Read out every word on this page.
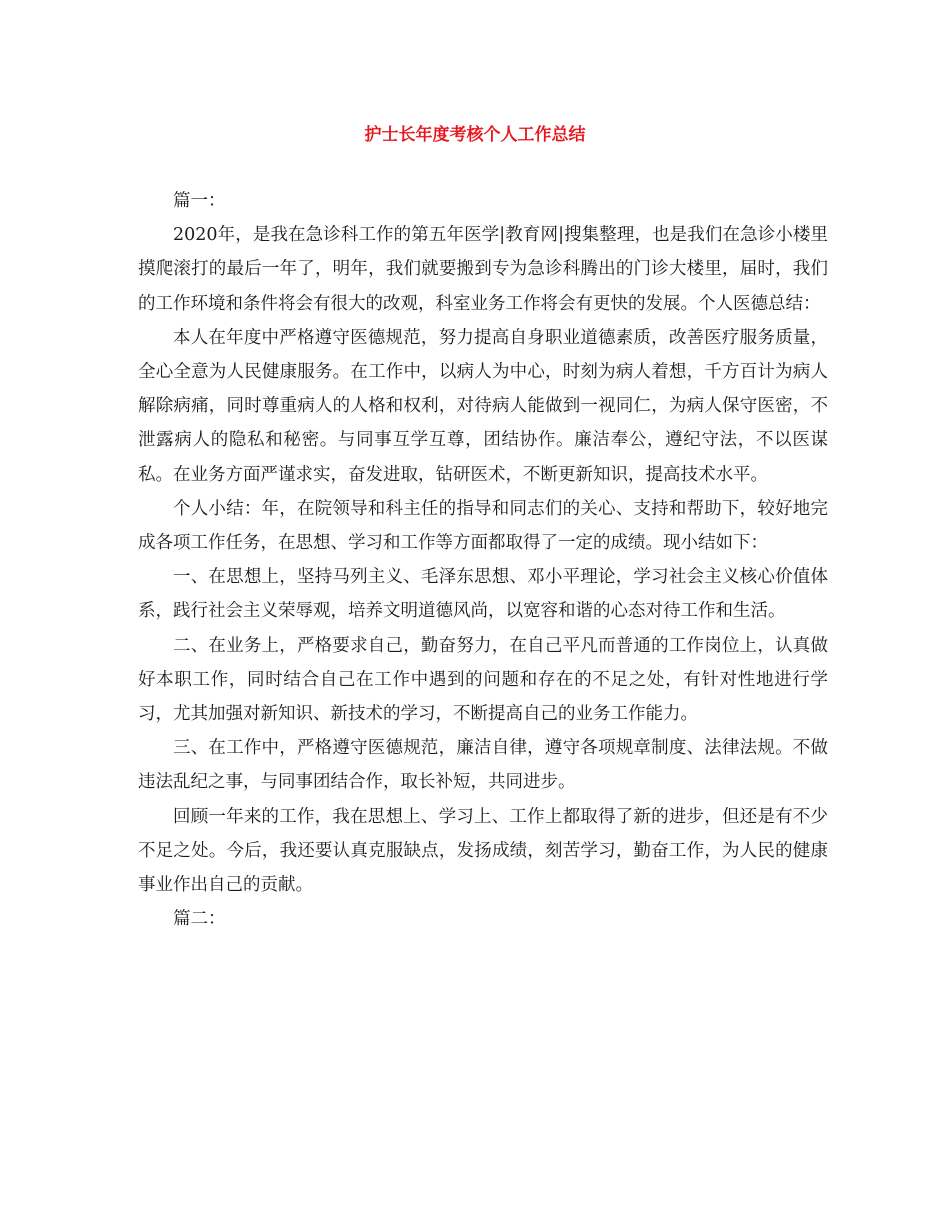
护士长年度考核个人工作总结

篇一：

2020年，是我在急诊科工作的第五年医学|教育网|搜集整理，也是我们在急诊小楼里摸爬滚打的最后一年了，明年，我们就要搬到专为急诊科腾出的门诊大楼里，届时，我们的工作环境和条件将会有很大的改观，科室业务工作将会有更快的发展。个人医德总结：

本人在年度中严格遵守医德规范，努力提高自身职业道德素质，改善医疗服务质量，全心全意为人民健康服务。在工作中，以病人为中心，时刻为病人着想，千方百计为病人解除病痛，同时尊重病人的人格和权利，对待病人能做到一视同仁，为病人保守医密，不泄露病人的隐私和秘密。与同事互学互尊，团结协作。廉洁奉公，遵纪守法，不以医谋私。在业务方面严谨求实，奋发进取，钻研医术，不断更新知识，提高技术水平。

个人小结：年，在院领导和科主任的指导和同志们的关心、支持和帮助下，较好地完成各项工作任务，在思想、学习和工作等方面都取得了一定的成绩。现小结如下：

一、在思想上，坚持马列主义、毛泽东思想、邓小平理论，学习社会主义核心价值体系，践行社会主义荣辱观，培养文明道德风尚，以宽容和谐的心态对待工作和生活。

二、在业务上，严格要求自己，勤奋努力，在自己平凡而普通的工作岗位上，认真做好本职工作，同时结合自己在工作中遇到的问题和存在的不足之处，有针对性地进行学习，尤其加强对新知识、新技术的学习，不断提高自己的业务工作能力。

三、在工作中，严格遵守医德规范，廉洁自律，遵守各项规章制度、法律法规。不做违法乱纪之事，与同事团结合作，取长补短，共同进步。

回顾一年来的工作，我在思想上、学习上、工作上都取得了新的进步，但还是有不少不足之处。今后，我还要认真克服缺点，发扬成绩，刻苦学习，勤奋工作，为人民的健康事业作出自己的贡献。

篇二：
